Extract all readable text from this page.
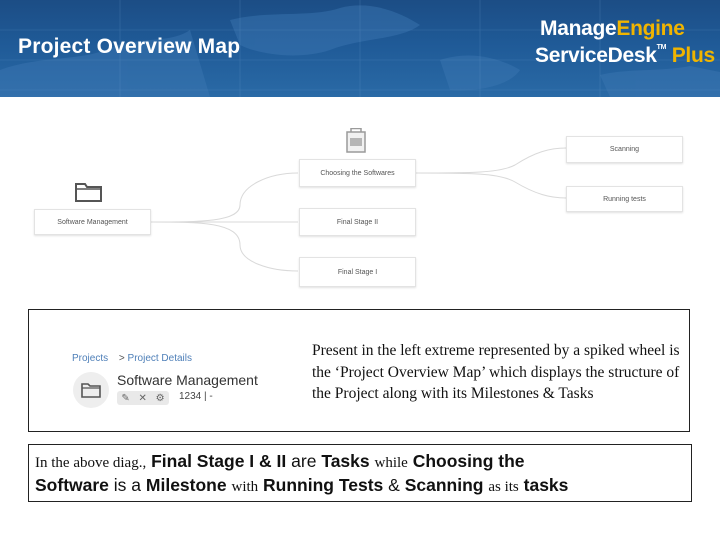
Project Overview Map
ManageEngine
ServiceDesk™ Plus
Software Management
Choosing the Softwares
Final Stage II
Final Stage I
Scanning
Running tests
Projects > Project Details
Software Management
✎ ✕ ⚙ 1234 | -
Present in the left extreme represented by a spiked wheel is the ‘Project Overview Map’ which displays the structure of the Project along with its Milestones & Tasks
In the above diag., Final Stage I & II are Tasks while Choosing the
Software is a Milestone with Running Tests & Scanning as its tasks
